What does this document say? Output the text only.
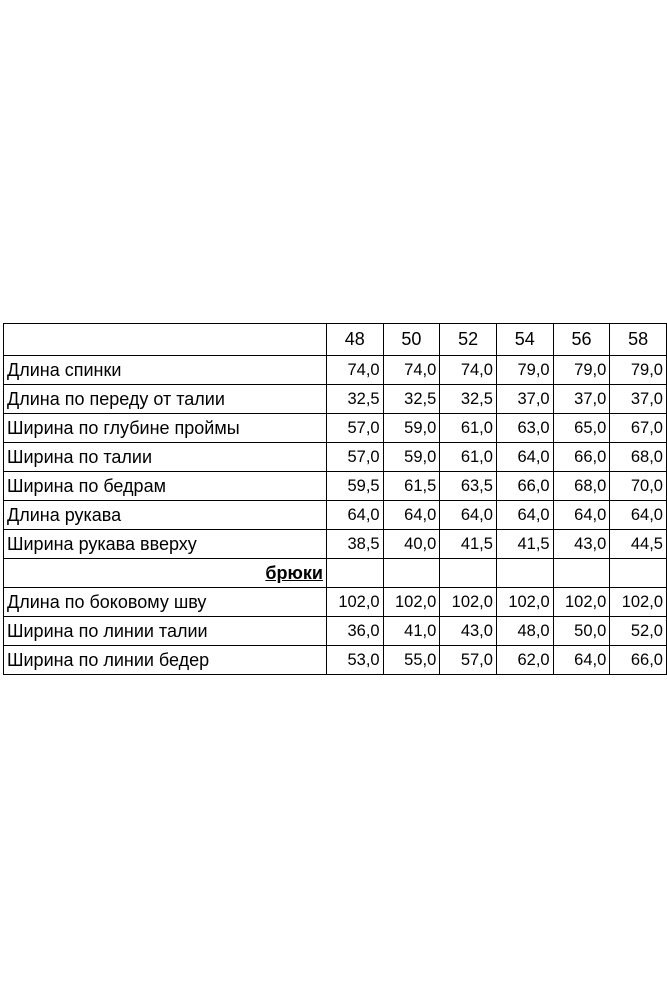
	48	50	52	54	56	58
Длина спинки	74,0	74,0	74,0	79,0	79,0	79,0
Длина по переду от талии	32,5	32,5	32,5	37,0	37,0	37,0
Ширина по глубине проймы	57,0	59,0	61,0	63,0	65,0	67,0
Ширина по талии	57,0	59,0	61,0	64,0	66,0	68,0
Ширина по бедрам	59,5	61,5	63,5	66,0	68,0	70,0
Длина рукава	64,0	64,0	64,0	64,0	64,0	64,0
Ширина рукава вверху	38,5	40,0	41,5	41,5	43,0	44,5
брюки						
Длина по боковому шву	102,0	102,0	102,0	102,0	102,0	102,0
Ширина по линии талии	36,0	41,0	43,0	48,0	50,0	52,0
Ширина по линии бедер	53,0	55,0	57,0	62,0	64,0	66,0
